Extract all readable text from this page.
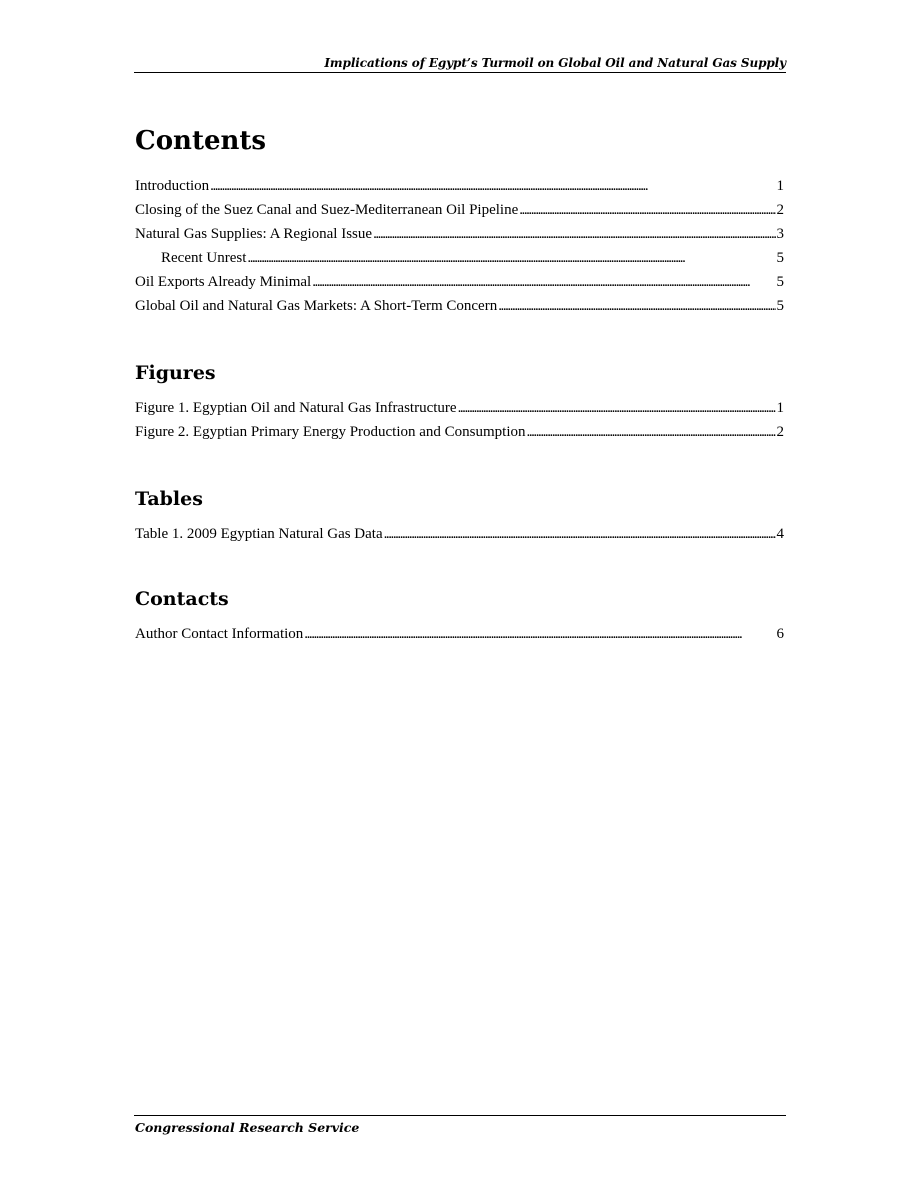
Implications of Egypt’s Turmoil on Global Oil and Natural Gas Supply
Contents
Introduction . . .	1
Closing of the Suez Canal and Suez-Mediterranean Oil Pipeline . . .	2
Natural Gas Supplies: A Regional Issue . . .	3
Recent Unrest . . .	5
Oil Exports Already Minimal . . .	5
Global Oil and Natural Gas Markets: A Short-Term Concern . . .	5
Figures
Figure 1. Egyptian Oil and Natural Gas Infrastructure . . .	1
Figure 2. Egyptian Primary Energy Production and Consumption . . .	2
Tables
Table 1. 2009 Egyptian Natural Gas Data . . .	4
Contacts
Author Contact Information . . .	6
Congressional Research Service
